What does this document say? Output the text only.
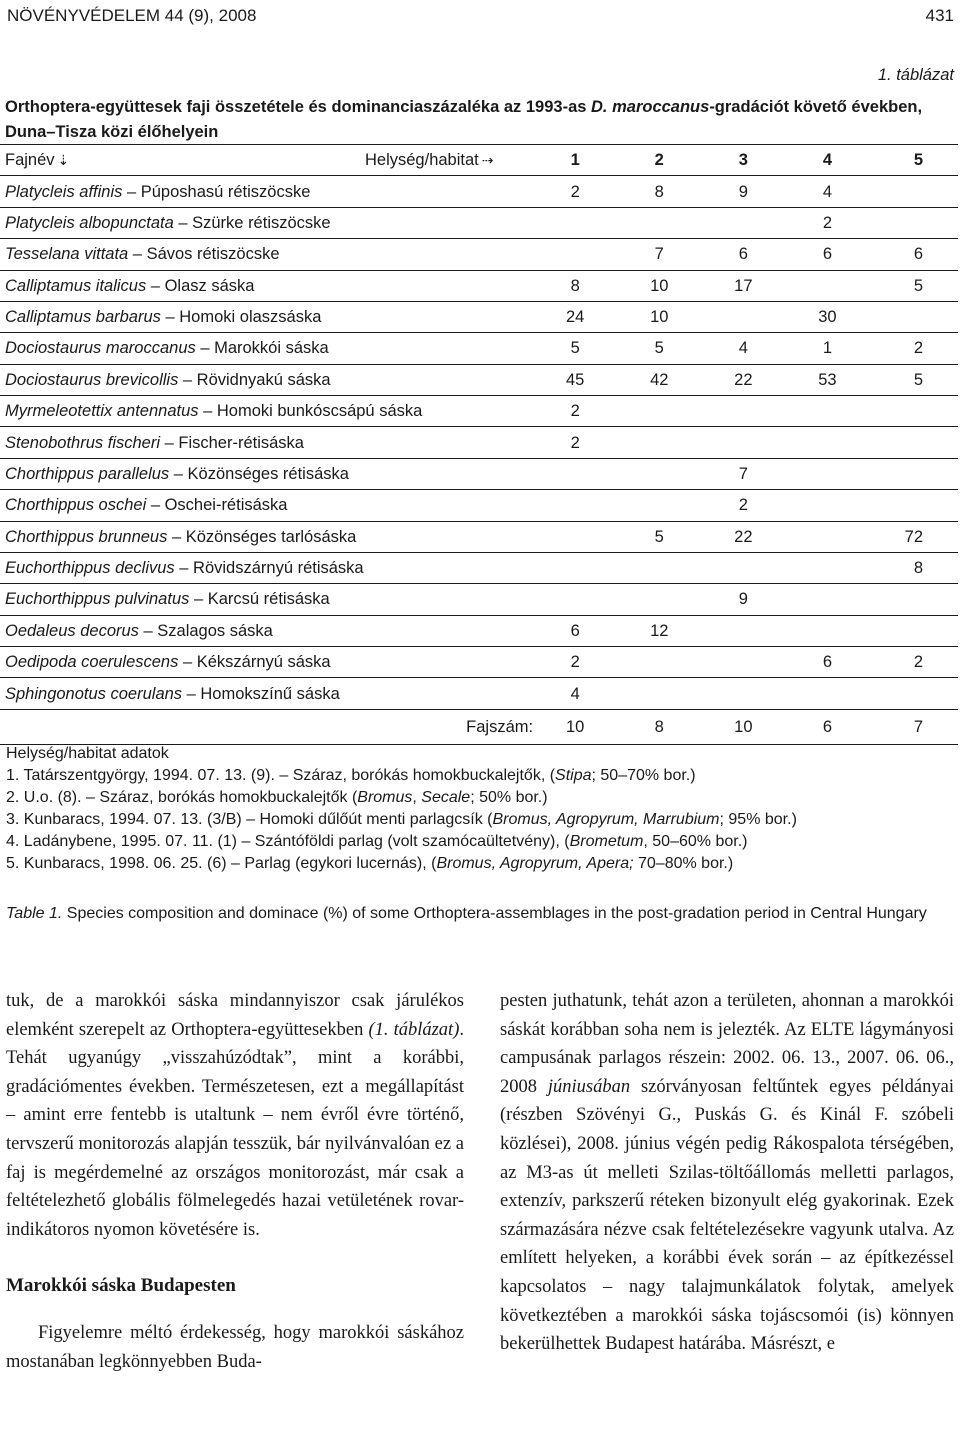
NÖVÉNYVÉDELEM 44 (9), 2008	431
1. táblázat
Orthoptera-együttesek faji összetétele és dominanciaszázaléka az 1993-as D. maroccanus-gradációt követő években, Duna–Tisza közi élőhelyein
Fajnév ⇣ Helység/habitat ⇢	1	2	3	4	5
Platycleis affinis – Púposhasú rétiszöcske	2	8	9	4	
Platycleis albopunctata – Szürke rétiszöcske				2	
Tesselana vittata – Sávos rétiszöcske		7	6	6	6
Calliptamus italicus – Olasz sáska	8	10	17		5
Calliptamus barbarus – Homoki olaszsáska	24	10		30	
Dociostaurus maroccanus – Marokkói sáska	5	5	4	1	2
Dociostaurus brevicollis – Rövidnyakú sáska	45	42	22	53	5
Myrmeleotettix antennatus – Homoki bunkóscsápú sáska	2				
Stenobothrus fischeri – Fischer-rétisáska	2				
Chorthippus parallelus – Közönséges rétisáska			7		
Chorthippus oschei – Oschei-rétisáska			2		
Chorthippus brunneus – Közönséges tarlósáska		5	22		72
Euchorthippus declivus – Rövidszárnyú rétisáska					8
Euchorthippus pulvinatus – Karcsú rétisáska			9		
Oedaleus decorus – Szalagos sáska	6	12			
Oedipoda coerulescens – Kékszárnyú sáska	2			6	2
Sphingonotus coerulans – Homokszínű sáska	4				
Fajszám:	10	8	10	6	7
Helység/habitat adatok
1. Tatárszentgyörgy, 1994. 07. 13. (9). – Száraz, borókás homokbuckalejtők, (Stipa; 50–70% bor.)
2. U.o. (8). – Száraz, borókás homokbuckalejtők (Bromus, Secale; 50% bor.)
3. Kunbaracs, 1994. 07. 13. (3/B) – Homoki dűlőút menti parlagcsík (Bromus, Agropyrum, Marrubium; 95% bor.)
4. Ladánybene, 1995. 07. 11. (1) – Szántóföldi parlag (volt szamócaültetvény), (Brometum, 50–60% bor.)
5. Kunbaracs, 1998. 06. 25. (6) – Parlag (egykori lucernás), (Bromus, Agropyrum, Apera; 70–80% bor.)
Table 1. Species composition and dominace (%) of some Orthoptera-assemblages in the post-gradation period in Central Hungary

tuk, de a marokkói sáska mindannyiszor csak járulékos elemként szerepelt az Orthoptera-együttesekben (1. táblázat). Tehát ugyanúgy „visszahúzódtak”, mint a korábbi, gradációmentes években. Természetesen, ezt a megállapítást – amint erre fentebb is utaltunk – nem évről évre történő, tervszerű monitorozás alapján tesszük, bár nyilvánvalóan ez a faj is megérdemelné az országos monitorozást, már csak a feltételezhető globális fölmelegedés hazai vetületének rovar-indikátoros nyomon követésére is.

Marokkói sáska Budapesten

Figyelemre méltó érdekesség, hogy marokkói sáskához mostanában legkönnyebben Buda-

pesten juthatunk, tehát azon a területen, ahonnan a marokkói sáskát korábban soha nem is jelezték. Az ELTE lágymányosi campusának parlagos részein: 2002. 06. 13., 2007. 06. 06., 2008 júniusában szórványosan feltűntek egyes példányai (részben Szövényi G., Puskás G. és Kinál F. szóbeli közlései), 2008. június végén pedig Rákospalota térségében, az M3-as út melleti Szilas-töltőállomás melletti parlagos, extenzív, parkszerű réteken bizonyult elég gyakorinak. Ezek származására nézve csak feltételezésekre vagyunk utalva. Az említett helyeken, a korábbi évek során – az építkezéssel kapcsolatos – nagy talajmunkálatok folytak, amelyek következtében a marokkói sáska tojáscsomói (is) könnyen bekerülhettek Budapest határába. Másrészt, e
